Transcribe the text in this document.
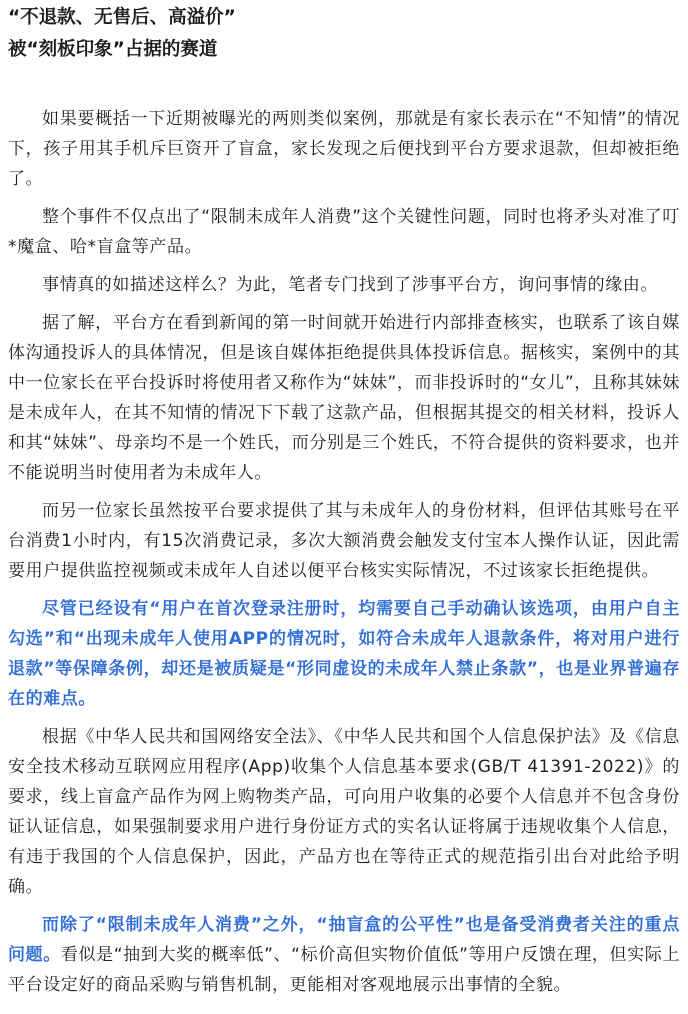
“不退款、无售后、高溢价”

被“刻板印象”占据的赛道

如果要概括一下近期被曝光的两则类似案例，那就是有家长表示在“不知情”的情况下，孩子用其手机斥巨资开了盲盒，家长发现之后便找到平台方要求退款，但却被拒绝了。

整个事件不仅点出了“限制未成年人消费”这个关键性问题，同时也将矛头对准了叮*魔盒、哈*盲盒等产品。

事情真的如描述这样么？为此，笔者专门找到了涉事平台方，询问事情的缘由。

据了解，平台方在看到新闻的第一时间就开始进行内部排查核实，也联系了该自媒体沟通投诉人的具体情况，但是该自媒体拒绝提供具体投诉信息。据核实，案例中的其中一位家长在平台投诉时将使用者又称作为“妹妹”，而非投诉时的“女儿”，且称其妹妹是未成年人，在其不知情的情况下下载了这款产品，但根据其提交的相关材料，投诉人和其“妹妹”、母亲均不是一个姓氏，而分别是三个姓氏，不符合提供的资料要求，也并不能说明当时使用者为未成年人。

而另一位家长虽然按平台要求提供了其与未成年人的身份材料，但评估其账号在平台消费1小时内，有15次消费记录，多次大额消费会触发支付宝本人操作认证，因此需要用户提供监控视频或未成年人自述以便平台核实实际情况，不过该家长拒绝提供。

尽管已经设有“用户在首次登录注册时，均需要自己手动确认该选项，由用户自主勾选”和“出现未成年人使用APP的情况时，如符合未成年人退款条件，将对用户进行退款”等保障条例，却还是被质疑是“形同虚设的未成年人禁止条款”，也是业界普遍存在的难点。

根据《中华人民共和国网络安全法》、《中华人民共和国个人信息保护法》及《信息安全技术移动互联网应用程序(App)收集个人信息基本要求(GB/T 41391-2022)》的要求，线上盲盒产品作为网上购物类产品，可向用户收集的必要个人信息并不包含身份证认证信息，如果强制要求用户进行身份证方式的实名认证将属于违规收集个人信息，有违于我国的个人信息保护，因此，产品方也在等待正式的规范指引出台对此给予明确。

而除了“限制未成年人消费”之外，“抽盲盒的公平性”也是备受消费者关注的重点问题。看似是“抽到大奖的概率低”、“标价高但实物价值低”等用户反馈在理，但实际上平台设定好的商品采购与销售机制，更能相对客观地展示出事情的全貌。
